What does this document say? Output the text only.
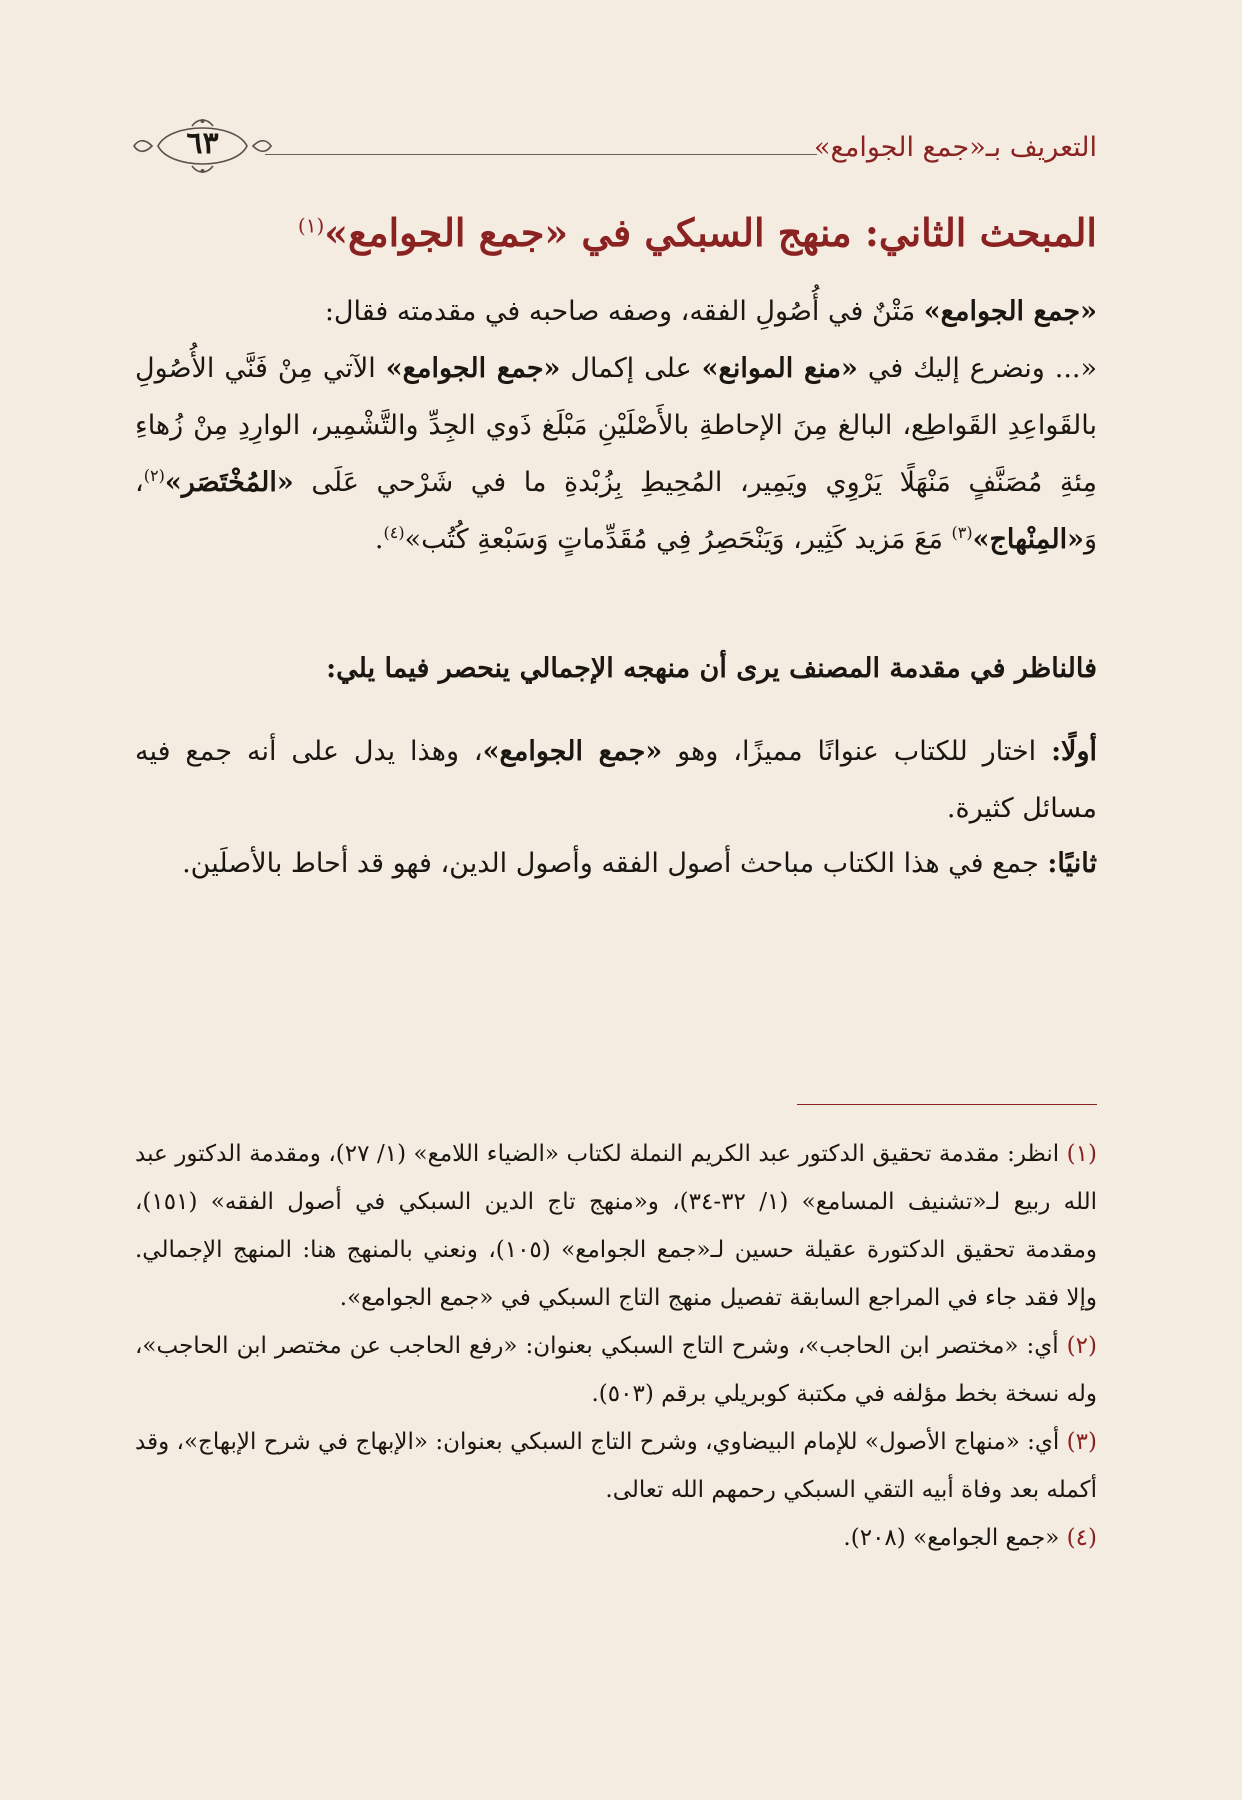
التعريف بـ«جمع الجوامع»
٦٣
المبحث الثاني: منهج السبكي في «جمع الجوامع»$^{(١)}$
«جمع الجوامع» مَتْنٌ في أُصُولِ الفقه، وصفه صاحبه في مقدمته فقال:
«... ونضرع إليك في «منع الموانع» على إكمال «جمع الجوامع» الآتي مِنْ فَنَّي الأُصُولِ بالقَواعِدِ القَواطِع، البالغ مِنَ الإحاطةِ بالأَصْلَيْنِ مَبْلَغ ذَوي الجِدِّ والتَّشْمِير، الوارِدِ مِنْ زُهاءِ مِئةِ مُصَنَّفٍ مَنْهَلًا يَرْوِي ويَمِير، المُحِيطِ بِزُبْدةِ ما في شَرْحي عَلَى «المُخْتَصَر»$^{(٢)}$، وَ«المِنْهاج»$^{(٣)}$ مَعَ مَزيد كَثِير، وَيَنْحَصِرُ فِي مُقَدِّماتٍ وَسَبْعةِ كُتُب»$^{(٤)}$.
فالناظر في مقدمة المصنف يرى أن منهجه الإجمالي ينحصر فيما يلي:
أولًا: اختار للكتاب عنوانًا مميزًا، وهو «جمع الجوامع»، وهذا يدل على أنه جمع فيه مسائل كثيرة.
ثانيًا: جمع في هذا الكتاب مباحث أصول الفقه وأصول الدين، فهو قد أحاط بالأصلَين.

(١) انظر: مقدمة تحقيق الدكتور عبد الكريم النملة لكتاب «الضياء اللامع» (١/ ٢٧)، ومقدمة الدكتور عبد الله ربيع لـ«تشنيف المسامع» (١/ ٣٢-٣٤)، و«منهج تاج الدين السبكي في أصول الفقه» (١٥١)، ومقدمة تحقيق الدكتورة عقيلة حسين لـ«جمع الجوامع» (١٠٥)، ونعني بالمنهج هنا: المنهج الإجمالي. وإلا فقد جاء في المراجع السابقة تفصيل منهج التاج السبكي في «جمع الجوامع».

(٢) أي: «مختصر ابن الحاجب»، وشرح التاج السبكي بعنوان: «رفع الحاجب عن مختصر ابن الحاجب»، وله نسخة بخط مؤلفه في مكتبة كوبريلي برقم (٥٠٣).

(٣) أي: «منهاج الأصول» للإمام البيضاوي، وشرح التاج السبكي بعنوان: «الإبهاج في شرح الإبهاج»، وقد أكمله بعد وفاة أبيه التقي السبكي رحمهم الله تعالى.

(٤) «جمع الجوامع» (٢٠٨).
